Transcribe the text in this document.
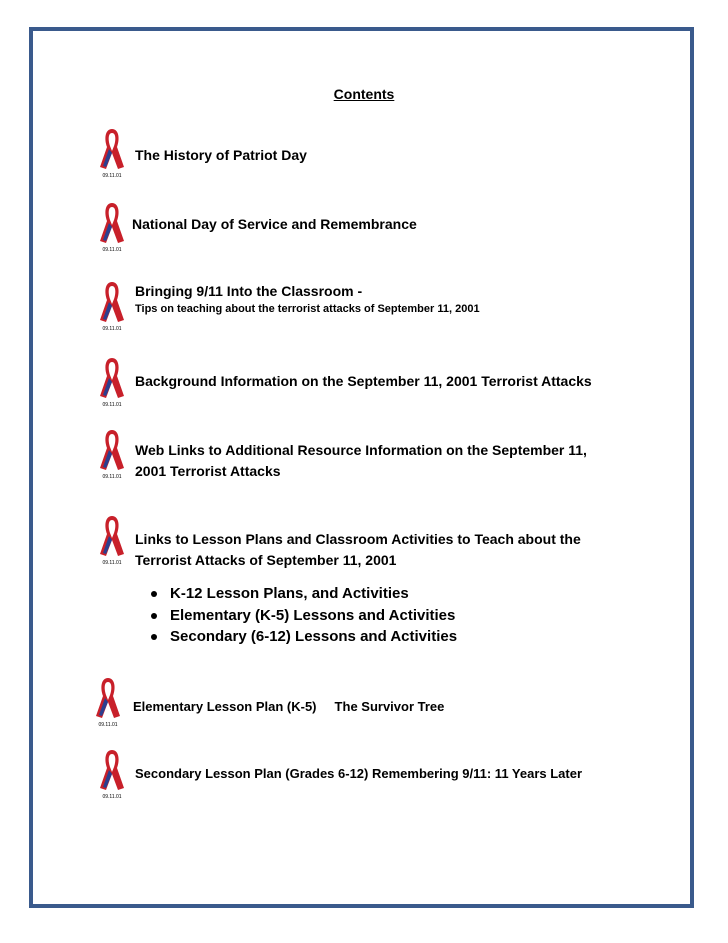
Contents
09.11.01
The History of Patriot Day
09.11.01
National Day of Service and Remembrance
09.11.01
Bringing 9/11 Into the Classroom -
Tips on teaching about the terrorist attacks of September 11, 2001
09.11.01
Background Information on the September 11, 2001 Terrorist Attacks
09.11.01
Web Links to Additional Resource Information on the September 11,
2001 Terrorist Attacks
09.11.01
Links to Lesson Plans and Classroom Activities to Teach about the
Terrorist Attacks of September 11, 2001
K-12 Lesson Plans, and Activities
Elementary (K-5) Lessons and Activities
Secondary (6-12) Lessons and Activities
09.11.01
Elementary Lesson Plan (K-5)     The Survivor Tree
09.11.01
Secondary Lesson Plan (Grades 6-12) Remembering 9/11: 11 Years Later
